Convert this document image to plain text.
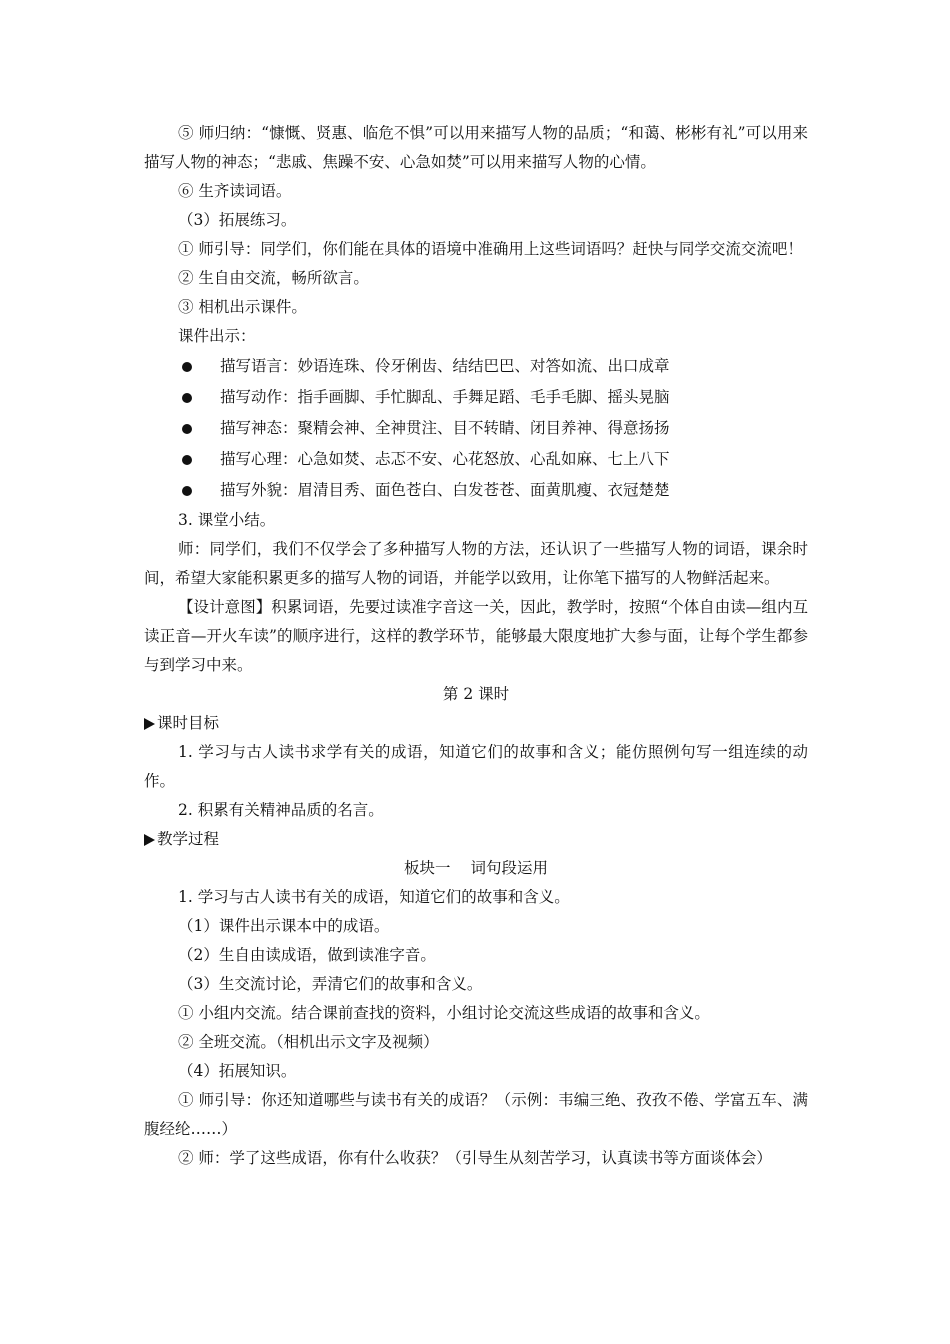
⑤ 师归纳：“慷慨、贤惠、临危不惧”可以用来描写人物的品质；“和蔼、彬彬有礼”可以用来描写人物的神态；“悲戚、焦躁不安、心急如焚”可以用来描写人物的心情。

⑥ 生齐读词语。

（3）拓展练习。

① 师引导：同学们，你们能在具体的语境中准确用上这些词语吗？赶快与同学交流交流吧！

② 生自由交流，畅所欲言。

③ 相机出示课件。

课件出示：

描写语言：妙语连珠、伶牙俐齿、结结巴巴、对答如流、出口成章
描写动作：指手画脚、手忙脚乱、手舞足蹈、毛手毛脚、摇头晃脑
描写神态：聚精会神、全神贯注、目不转睛、闭目养神、得意扬扬
描写心理：心急如焚、忐忑不安、心花怒放、心乱如麻、七上八下
描写外貌：眉清目秀、面色苍白、白发苍苍、面黄肌瘦、衣冠楚楚

3. 课堂小结。

师：同学们，我们不仅学会了多种描写人物的方法，还认识了一些描写人物的词语，课余时间，希望大家能积累更多的描写人物的词语，并能学以致用，让你笔下描写的人物鲜活起来。

【设计意图】积累词语，先要过读准字音这一关，因此，教学时，按照“个体自由读—组内互读正音—开火车读”的顺序进行，这样的教学环节，能够最大限度地扩大参与面，让每个学生都参与到学习中来。

第 2 课时

课时目标

1. 学习与古人读书求学有关的成语，知道它们的故事和含义；能仿照例句写一组连续的动作。

2. 积累有关精神品质的名言。

教学过程

板块一 词句段运用

1. 学习与古人读书有关的成语，知道它们的故事和含义。

（1）课件出示课本中的成语。

（2）生自由读成语，做到读准字音。

（3）生交流讨论，弄清它们的故事和含义。

① 小组内交流。结合课前查找的资料，小组讨论交流这些成语的故事和含义。

② 全班交流。（相机出示文字及视频）

（4）拓展知识。

① 师引导：你还知道哪些与读书有关的成语？（示例：韦编三绝、孜孜不倦、学富五车、满腹经纶……）

② 师：学了这些成语，你有什么收获？（引导生从刻苦学习，认真读书等方面谈体会）
